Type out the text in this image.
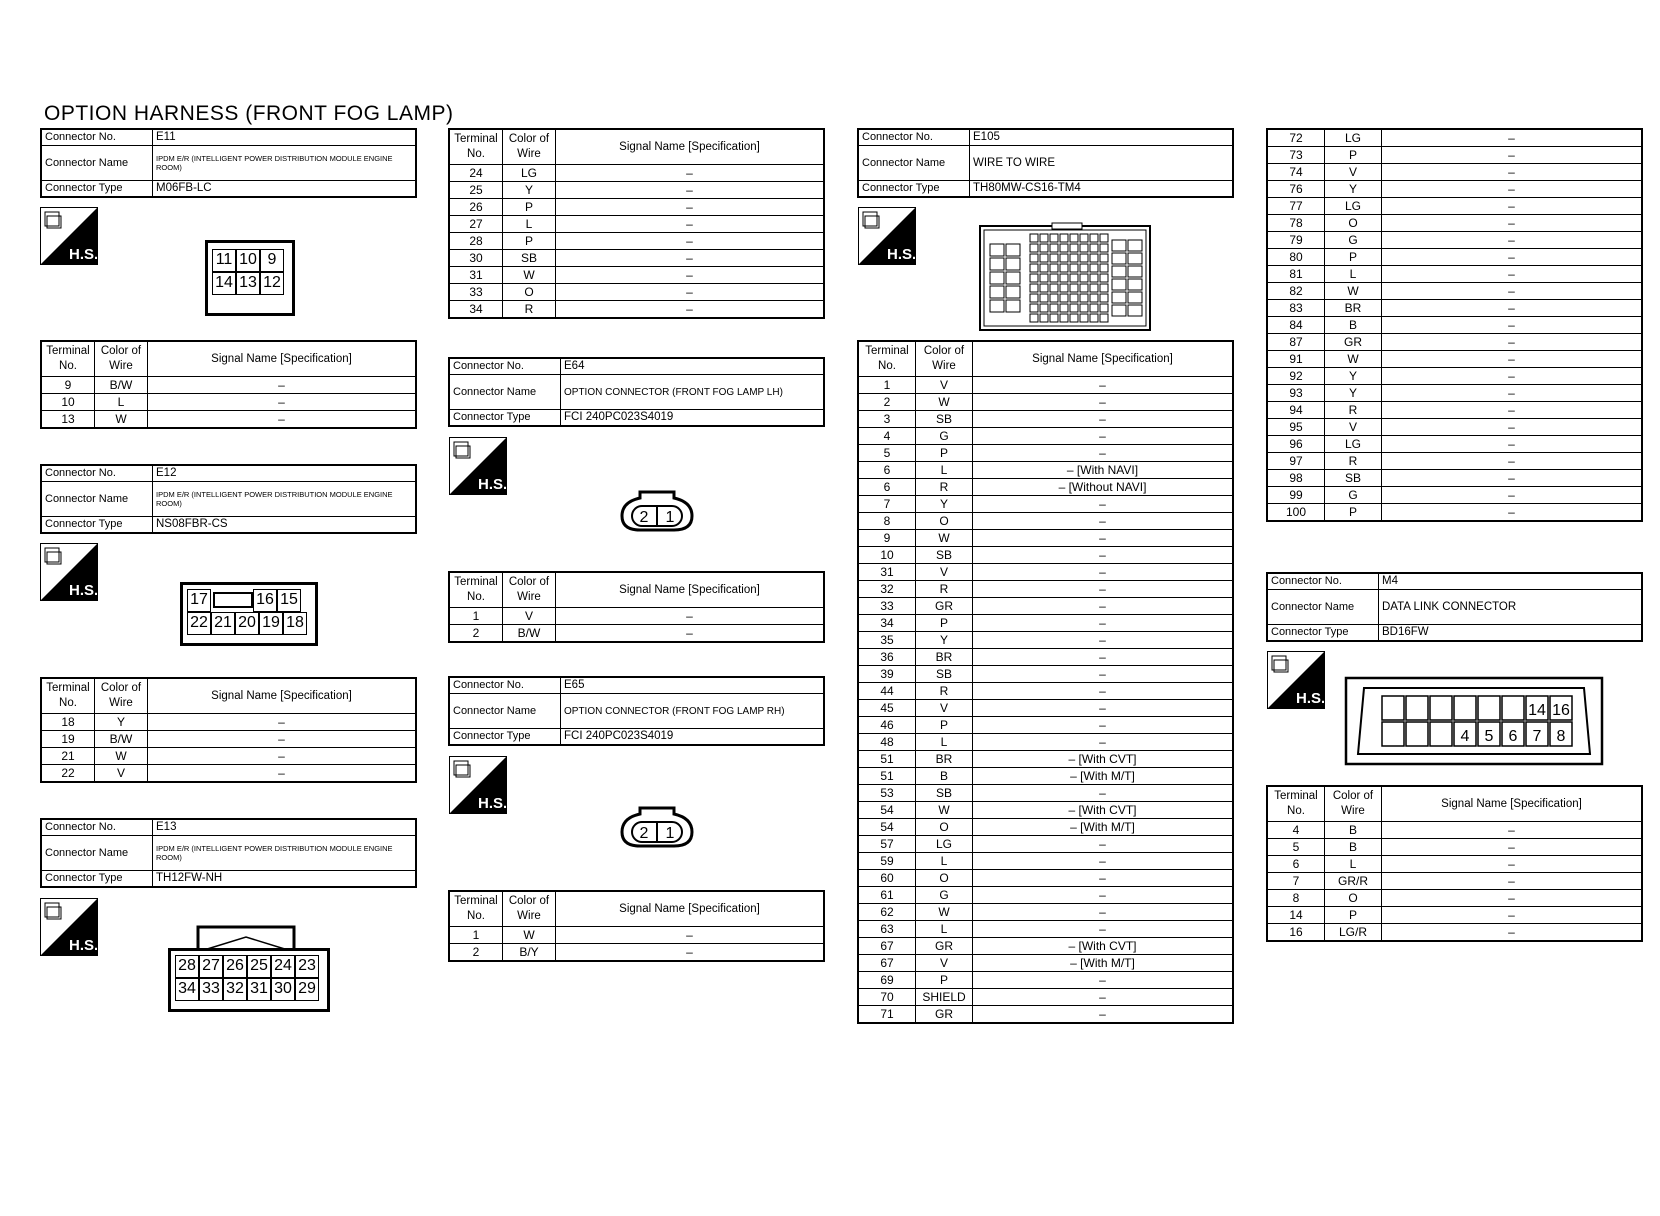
OPTION HARNESS (FRONT FOG LAMP)
Connector No.	E11
Connector Name	IPDM E/R (INTELLIGENT POWER DISTRIBUTION MODULE ENGINE ROOM)
Connector Type	M06FB-LC
H.S.	11 10 9
14 13 12
Terminal No.	Color of Wire	Signal Name [Specification]
9	B/W	–
10	L	–
13	W	–
Connector No.	E12
Connector Name	IPDM E/R (INTELLIGENT POWER DISTRIBUTION MODULE ENGINE ROOM)
Connector Type	NS08FBR-CS
H.S.
17	16 15
22 21 20 19 18
Terminal No.	Color of Wire	Signal Name [Specification]
18	Y	–
19	B/W	–
21	W	–
22	V	–
Connector No.	E13
Connector Name	IPDM E/R (INTELLIGENT POWER DISTRIBUTION MODULE ENGINE ROOM)
Connector Type	TH12FW-NH
H.S.
28 27 26 25 24 23
34 33 32 31 30 29
Terminal No.	Color of Wire	Signal Name [Specification]
24	LG	–
25	Y	–
26	P	–
27	L	–
28	P	–
30	SB	–
31	W	–
33	O	–
34	R	–
Connector No.	E64
Connector Name	OPTION CONNECTOR (FRONT FOG LAMP LH)
Connector Type	FCI 240PC023S4019
H.S.
2 1
Terminal No.	Color of Wire	Signal Name [Specification]
1	V	–
2	B/W	–
Connector No.	E65
Connector Name	OPTION CONNECTOR (FRONT FOG LAMP RH)
Connector Type	FCI 240PC023S4019
H.S.
2 1
Terminal No.	Color of Wire	Signal Name [Specification]
1	W	–
2	B/Y	–
Connector No.	E105
Connector Name	WIRE TO WIRE
Connector Type	TH80MW-CS16-TM4
H.S.
Terminal No.	Color of Wire	Signal Name [Specification]
1	V	–
2	W	–
3	SB	–
4	G	–
5	P	–
6	L	– [With NAVI]
6	R	– [Without NAVI]
7	Y	–
8	O	–
9	W	–
10	SB	–
31	V	–
32	R	–
33	GR	–
34	P	–
35	Y	–
36	BR	–
39	SB	–
44	R	–
45	V	–
46	P	–
48	L	–
51	BR	– [With CVT]
51	B	– [With M/T]
53	SB	–
54	W	– [With CVT]
54	O	– [With M/T]
57	LG	–
59	L	–
60	O	–
61	G	–
62	W	–
63	L	–
67	GR	– [With CVT]
67	V	– [With M/T]
69	P	–
70	SHIELD	–
71	GR	–
72	LG	–
73	P	–
74	V	–
76	Y	–
77	LG	–
78	O	–
79	G	–
80	P	–
81	L	–
82	W	–
83	BR	–
84	B	–
87	GR	–
91	W	–
92	Y	–
93	Y	–
94	R	–
95	V	–
96	LG	–
97	R	–
98	SB	–
99	G	–
100	P	–
Connector No.	M4
Connector Name	DATA LINK CONNECTOR
Connector Type	BD16FW
H.S.
14 16
4 5 6 7 8
Terminal No.	Color of Wire	Signal Name [Specification]
4	B	–
5	B	–
6	L	–
7	GR/R	–
8	O	–
14	P	–
16	LG/R	–
